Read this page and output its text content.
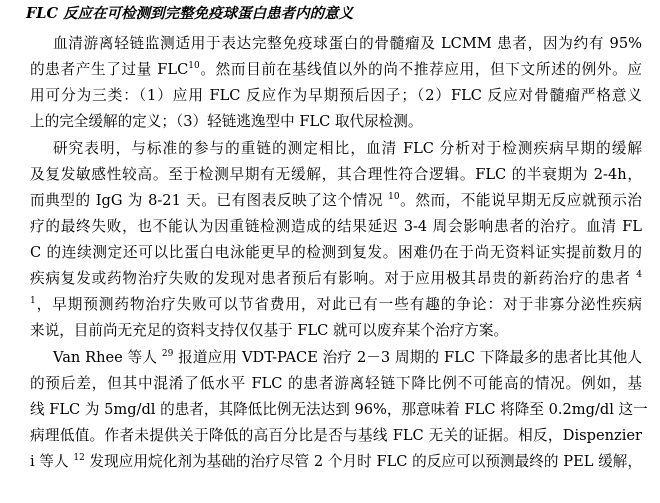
FLC 反应在可检测到完整免疫球蛋白患者内的意义
血清游离轻链监测适用于表达完整免疫球蛋白的骨髓瘤及 LCMM 患者，因为约有 95%
的患者产生了过量 FLC$^{10}$。然而目前在基线值以外的尚不推荐应用，但下文所述的例外。应
用可分为三类：（1）应用 FLC 反应作为早期预后因子；（2）FLC 反应对骨髓瘤严格意义
上的完全缓解的定义；（3）轻链逃逸型中 FLC 取代尿检测。
研究表明，与标准的参与的重链的测定相比，血清 FLC 分析对于检测疾病早期的缓解
及复发敏感性较高。至于检测早期有无缓解，其合理性符合逻辑。FLC 的半衰期为 2-4h，
而典型的 IgG 为 8-21 天。已有图表反映了这个情况 $^{10}$。然而，不能说早期无反应就预示治
疗的最终失败，也不能认为因重链检测造成的结果延迟 3-4 周会影响患者的治疗。血清 FL
C 的连续测定还可以比蛋白电泳能更早的检测到复发。困难仍在于尚无资料证实提前数月的
疾病复发或药物治疗失败的发现对患者预后有影响。对于应用极其昂贵的新药治疗的患者 $^4$
$^1$，早期预测药物治疗失败可以节省费用，对此已有一些有趣的争论：对于非寡分泌性疾病
来说，目前尚无充足的资料支持仅仅基于 FLC 就可以废弃某个治疗方案。
Van Rhee 等人 $^{29}$ 报道应用 VDT-PACE 治疗 2－3 周期的 FLC 下降最多的患者比其他人
的预后差，但其中混淆了低水平 FLC 的患者游离轻链下降比例不可能高的情况。例如，基
线 FLC 为 5mg/dl 的患者，其降低比例无法达到 96%，那意味着 FLC 将降至 0.2mg/dl 这一
病理低值。作者未提供关于降低的高百分比是否与基线 FLC 无关的证据。相反，Dispenzier
i 等人 $^{12}$ 发现应用烷化剂为基础的治疗尽管 2 个月时 FLC 的反应可以预测最终的 PEL 缓解，
